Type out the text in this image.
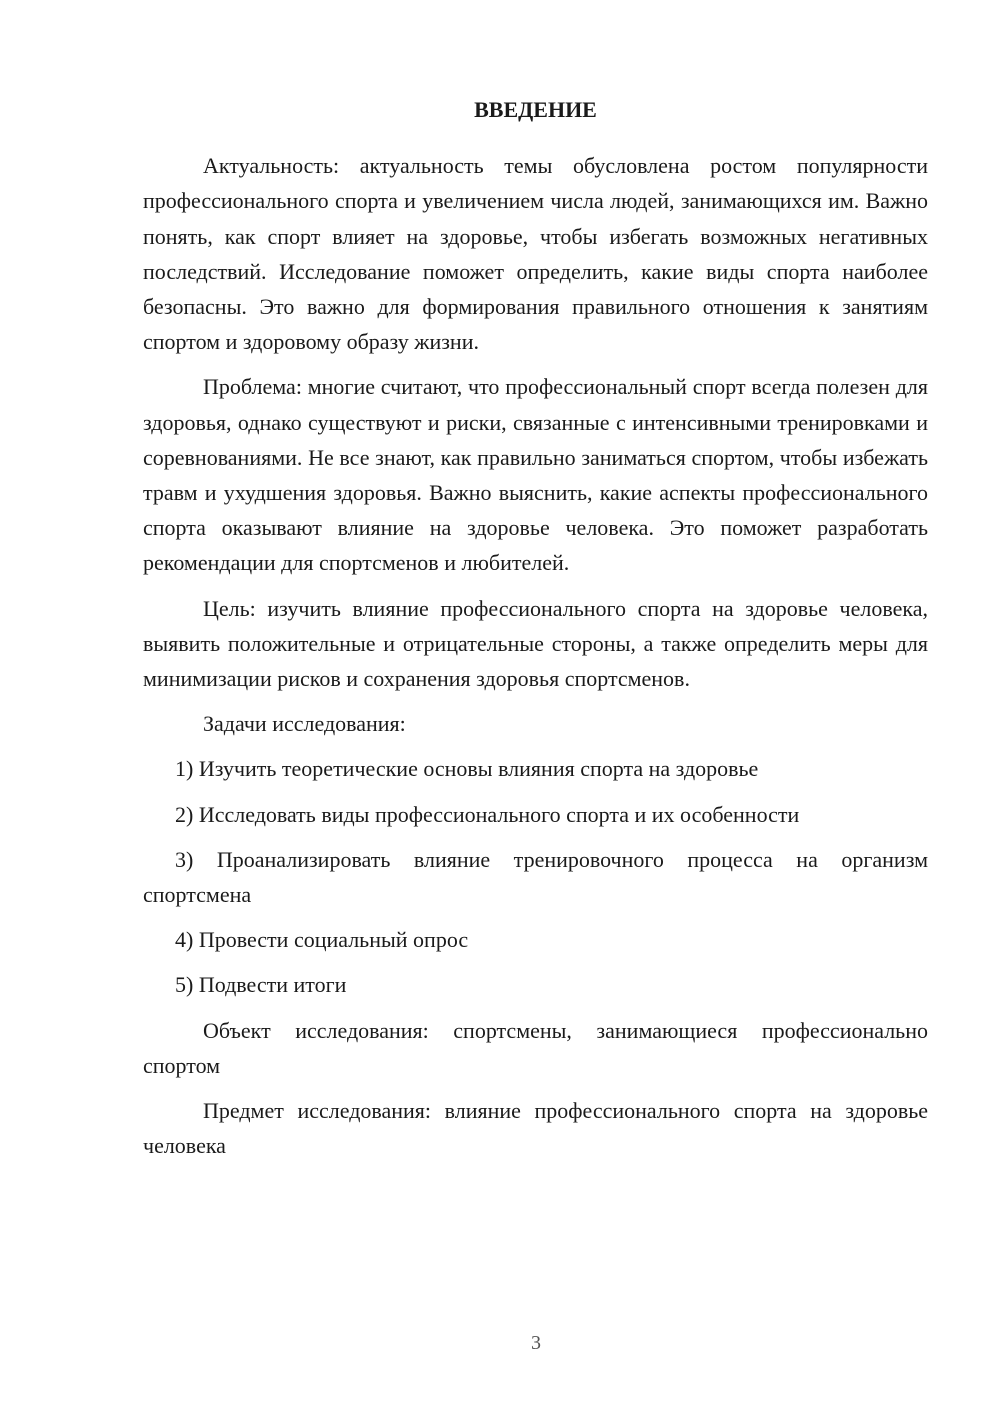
ВВЕДЕНИЕ

Актуальность: актуальность темы обусловлена ростом популярности профессионального спорта и увеличением числа людей, занимающихся им. Важно понять, как спорт влияет на здоровье, чтобы избегать возможных негативных последствий. Исследование поможет определить, какие виды спорта наиболее безопасны. Это важно для формирования правильного отношения к занятиям спортом и здоровому образу жизни.

Проблема: многие считают, что профессиональный спорт всегда полезен для здоровья, однако существуют и риски, связанные с интенсивными тренировками и соревнованиями. Не все знают, как правильно заниматься спортом, чтобы избежать травм и ухудшения здоровья. Важно выяснить, какие аспекты профессионального спорта оказывают влияние на здоровье человека. Это поможет разработать рекомендации для спортсменов и любителей.

Цель: изучить влияние профессионального спорта на здоровье человека, выявить положительные и отрицательные стороны, а также определить меры для минимизации рисков и сохранения здоровья спортсменов.

Задачи исследования:

1) Изучить теоретические основы влияния спорта на здоровье

2) Исследовать виды профессионального спорта и их особенности

3) Проанализировать влияние тренировочного процесса на организм спортсмена

4) Провести социальный опрос

5) Подвести итоги

Объект исследования: спортсмены, занимающиеся профессионально спортом

Предмет исследования: влияние профессионального спорта на здоровье человека

3
